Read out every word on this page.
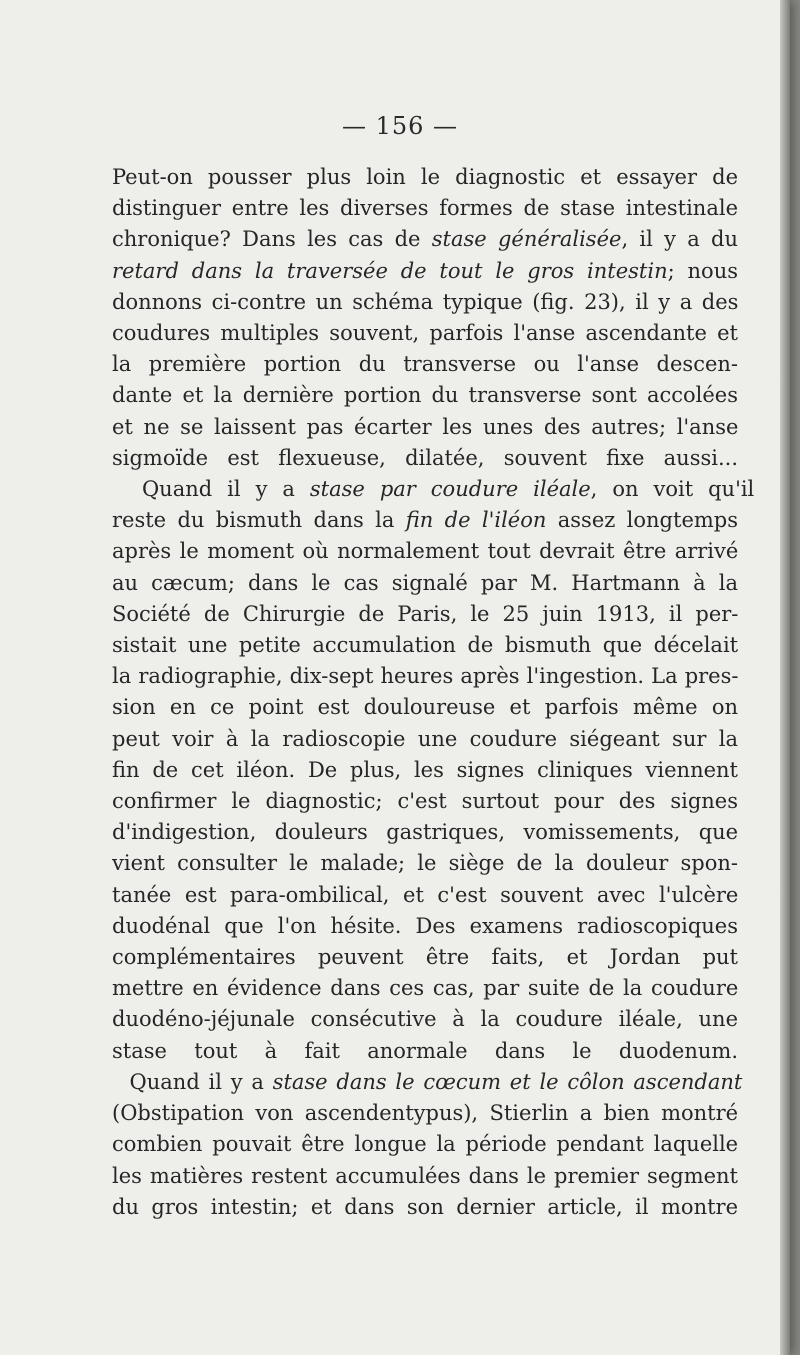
— 156 —

Peut-on pousser plus loin le diagnostic et essayer de
distinguer entre les diverses formes de stase intestinale
chronique? Dans les cas de stase généralisée, il y a du
retard dans la traversée de tout le gros intestin; nous
donnons ci-contre un schéma typique (fig. 23), il y a des
coudures multiples souvent, parfois l'anse ascendante et
la première portion du transverse ou l'anse descen-
dante et la dernière portion du transverse sont accolées
et ne se laissent pas écarter les unes des autres; l'anse
sigmoïde est flexueuse, dilatée, souvent fixe aussi...

Quand il y a stase par coudure iléale, on voit qu'il
reste du bismuth dans la fin de l'iléon assez longtemps
après le moment où normalement tout devrait être arrivé
au cæcum; dans le cas signalé par M. Hartmann à la
Société de Chirurgie de Paris, le 25 juin 1913, il per-
sistait une petite accumulation de bismuth que décelait
la radiographie, dix-sept heures après l'ingestion. La pres-
sion en ce point est douloureuse et parfois même on
peut voir à la radioscopie une coudure siégeant sur la
fin de cet iléon. De plus, les signes cliniques viennent
confirmer le diagnostic; c'est surtout pour des signes
d'indigestion, douleurs gastriques, vomissements, que
vient consulter le malade; le siège de la douleur spon-
tanée est para-ombilical, et c'est souvent avec l'ulcère
duodénal que l'on hésite. Des examens radioscopiques
complémentaires peuvent être faits, et Jordan put
mettre en évidence dans ces cas, par suite de la coudure
duodéno-jéjunale consécutive à la coudure iléale, une
stase tout à fait anormale dans le duodenum.

Quand il y a stase dans le cœcum et le côlon ascendant
(Obstipation von ascendentypus), Stierlin a bien montré
combien pouvait être longue la période pendant laquelle
les matières restent accumulées dans le premier segment
du gros intestin; et dans son dernier article, il montre
